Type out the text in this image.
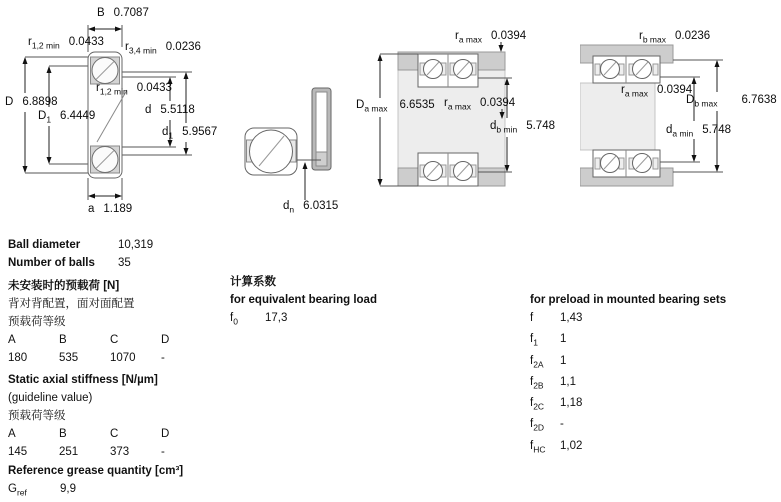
B 0.7087
$r_{1,2 min}$ 0.0433 $r_{3,4 min}$ 0.0236
D 6.8898
$D_1$ 6.4449
$r_{1,2 min}$ 0.0433
d 5.5118
$d_1$ 5.9567
a 1.189	$d_n$ 6.0315
$r_{a max}$ 0.0394
$D_{a max}$ 6.6535 $r_{a max}$ 0.0394
$d_{b min}$ 5.748
$r_{b max}$ 0.0236
$r_{a max}$ 0.0394
$D_{b max}$ 6.7638
$d_{a min}$ 5.748
Ball diameter	10,319
Number of balls	35
未安装时的预载荷 [N]
背对背配置，面对面配置
预载荷等级
A	B	C	D
180	535	1070	-
Static axial stiffness [N/µm]
(guideline value)
预载荷等级
A	B	C	D
145	251	373	-
Reference grease quantity [cm³]
$G_{ref}$	9,9
计算系数
for equivalent bearing load
$f_0$	17,3
for preload in mounted bearing sets
f	1,43
$f_1$	1
$f_{2A}$	1
$f_{2B}$	1,1
$f_{2C}$	1,18
$f_{2D}$	-
$f_{HC}$	1,02
